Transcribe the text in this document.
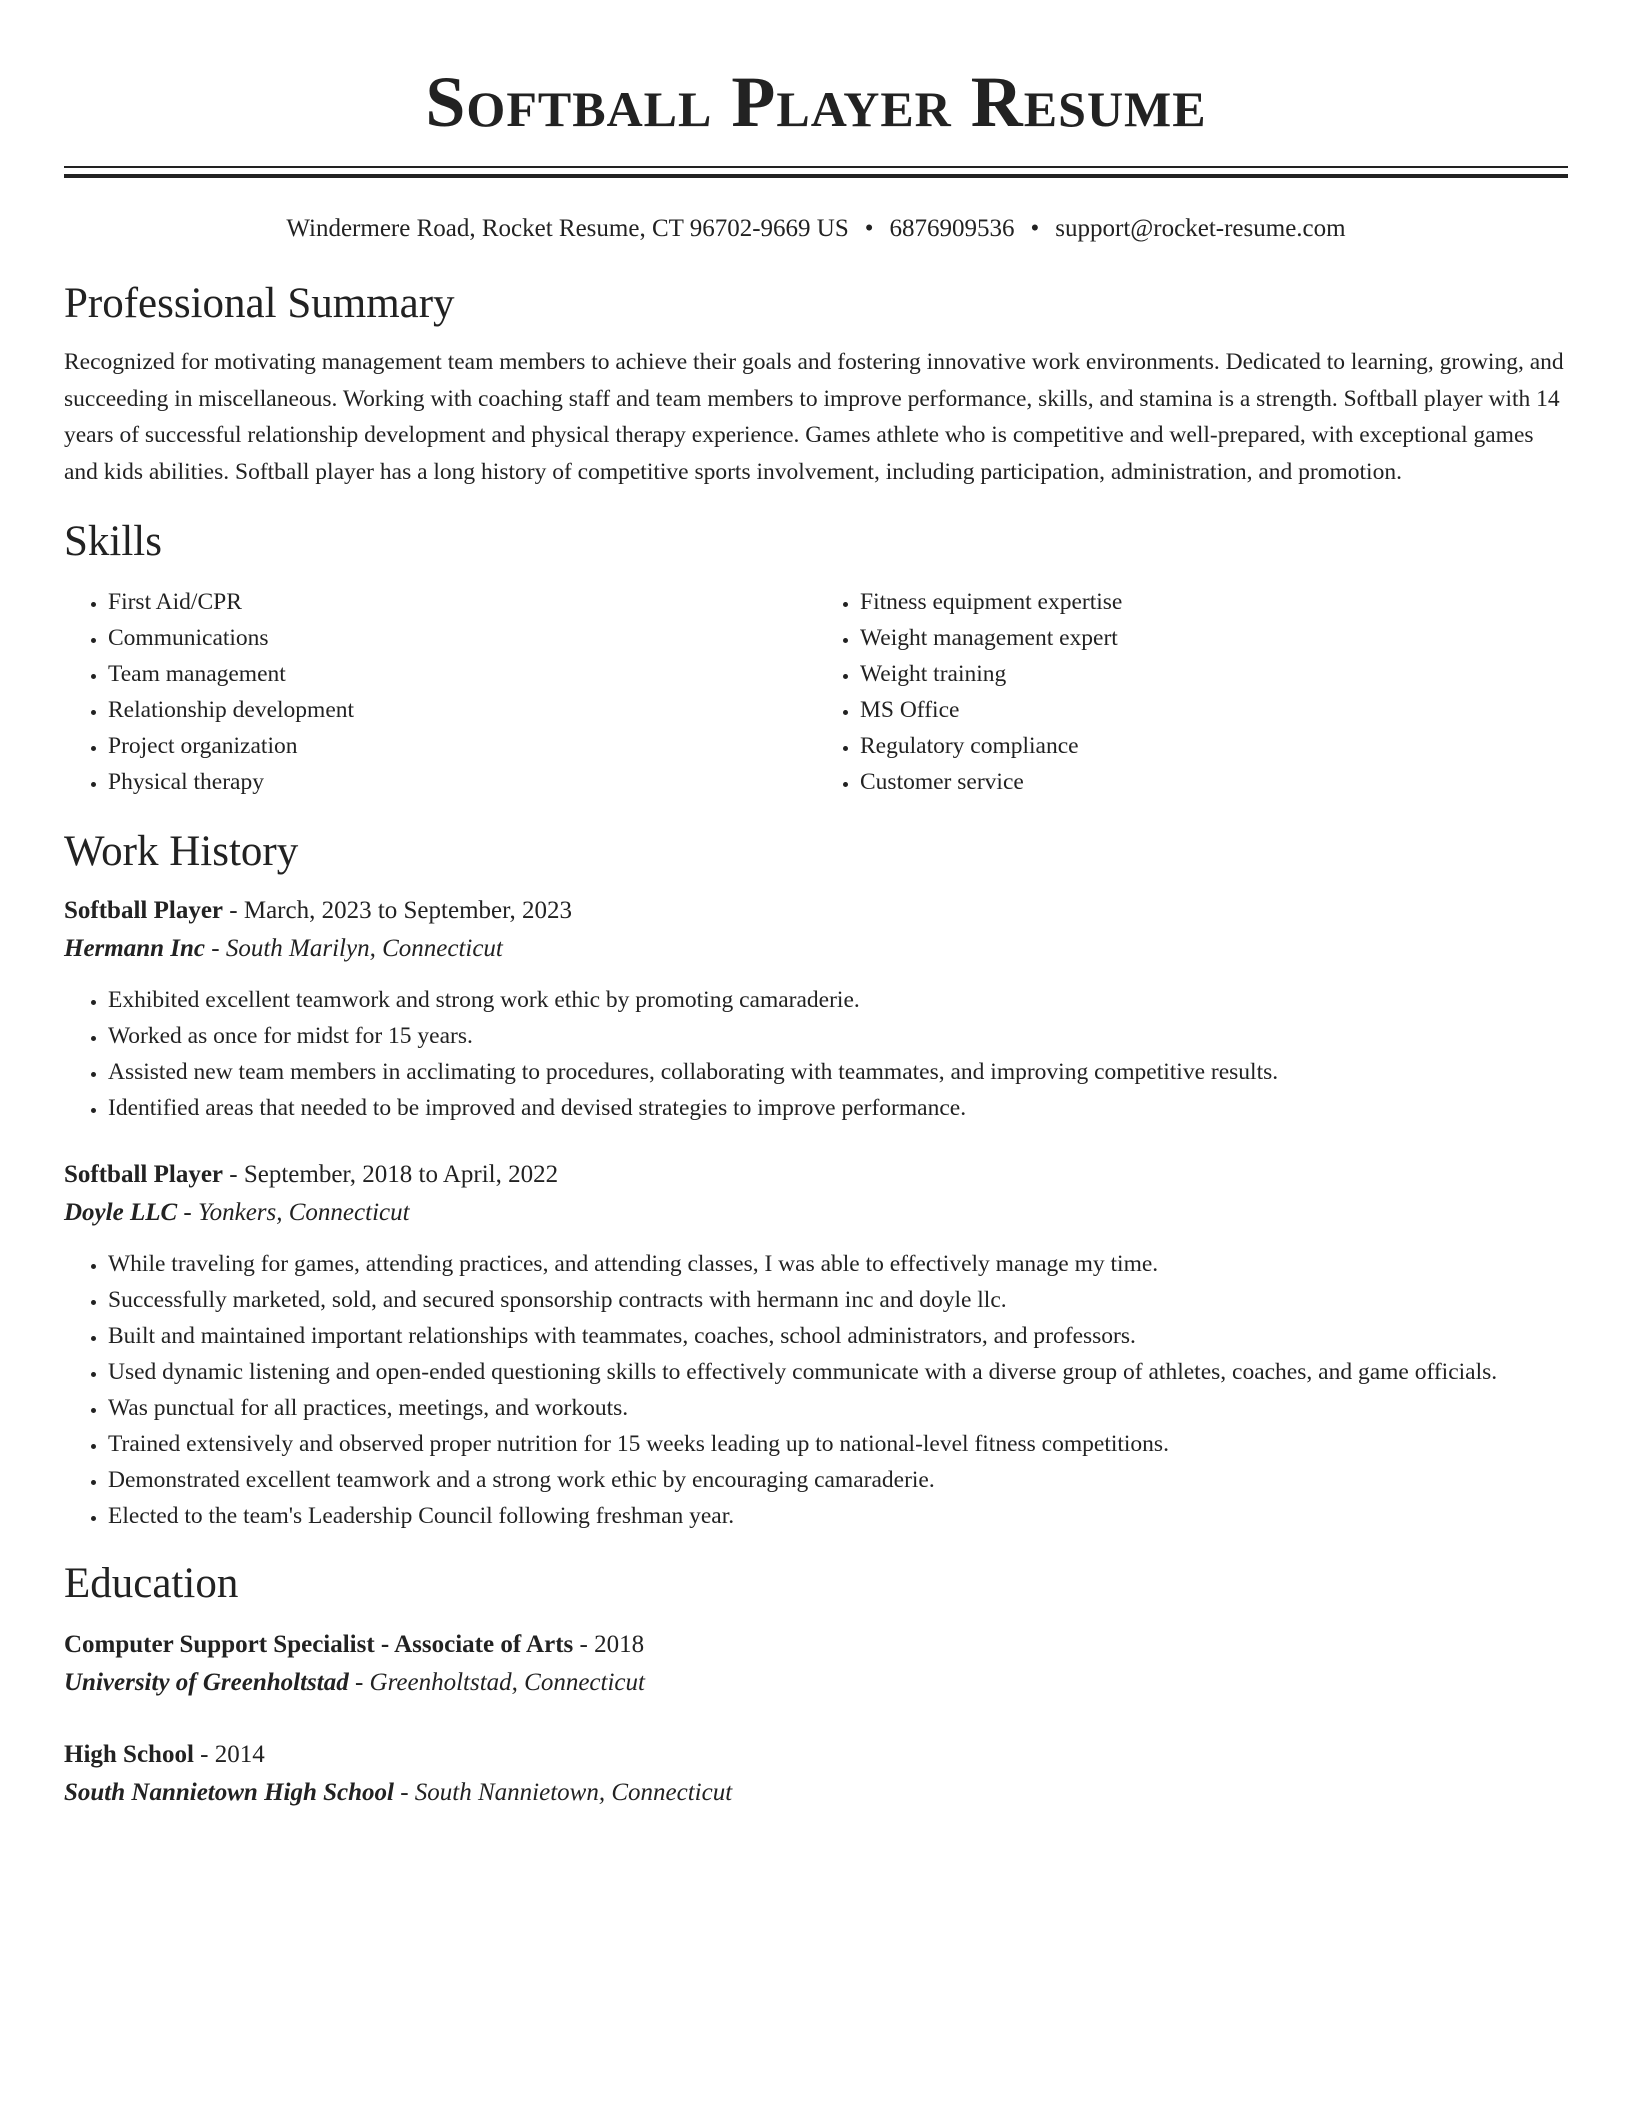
Softball Player Resume
Windermere Road, Rocket Resume, CT 96702-9669 US • 6876909536 • support@rocket-resume.com
Professional Summary

Recognized for motivating management team members to achieve their goals and fostering innovative work environments. Dedicated to learning, growing, and succeeding in miscellaneous. Working with coaching staff and team members to improve performance, skills, and stamina is a strength. Softball player with 14 years of successful relationship development and physical therapy experience. Games athlete who is competitive and well-prepared, with exceptional games and kids abilities. Softball player has a long history of competitive sports involvement, including participation, administration, and promotion.

Skills
• First Aid/CPR
• Communications
• Team management
• Relationship development
• Project organization
• Physical therapy
• Fitness equipment expertise
• Weight management expert
• Weight training
• MS Office
• Regulatory compliance
• Customer service
Work History
Softball Player - March, 2023 to September, 2023
Hermann Inc - South Marilyn, Connecticut
• Exhibited excellent teamwork and strong work ethic by promoting camaraderie.
• Worked as once for midst for 15 years.
• Assisted new team members in acclimating to procedures, collaborating with teammates, and improving competitive results.
• Identified areas that needed to be improved and devised strategies to improve performance.
Softball Player - September, 2018 to April, 2022
Doyle LLC - Yonkers, Connecticut
• While traveling for games, attending practices, and attending classes, I was able to effectively manage my time.
• Successfully marketed, sold, and secured sponsorship contracts with hermann inc and doyle llc.
• Built and maintained important relationships with teammates, coaches, school administrators, and professors.
• Used dynamic listening and open-ended questioning skills to effectively communicate with a diverse group of athletes, coaches, and game officials.
• Was punctual for all practices, meetings, and workouts.
• Trained extensively and observed proper nutrition for 15 weeks leading up to national-level fitness competitions.
• Demonstrated excellent teamwork and a strong work ethic by encouraging camaraderie.
• Elected to the team's Leadership Council following freshman year.
Education
Computer Support Specialist - Associate of Arts - 2018
University of Greenholtstad - Greenholtstad, Connecticut
High School - 2014
South Nannietown High School - South Nannietown, Connecticut
